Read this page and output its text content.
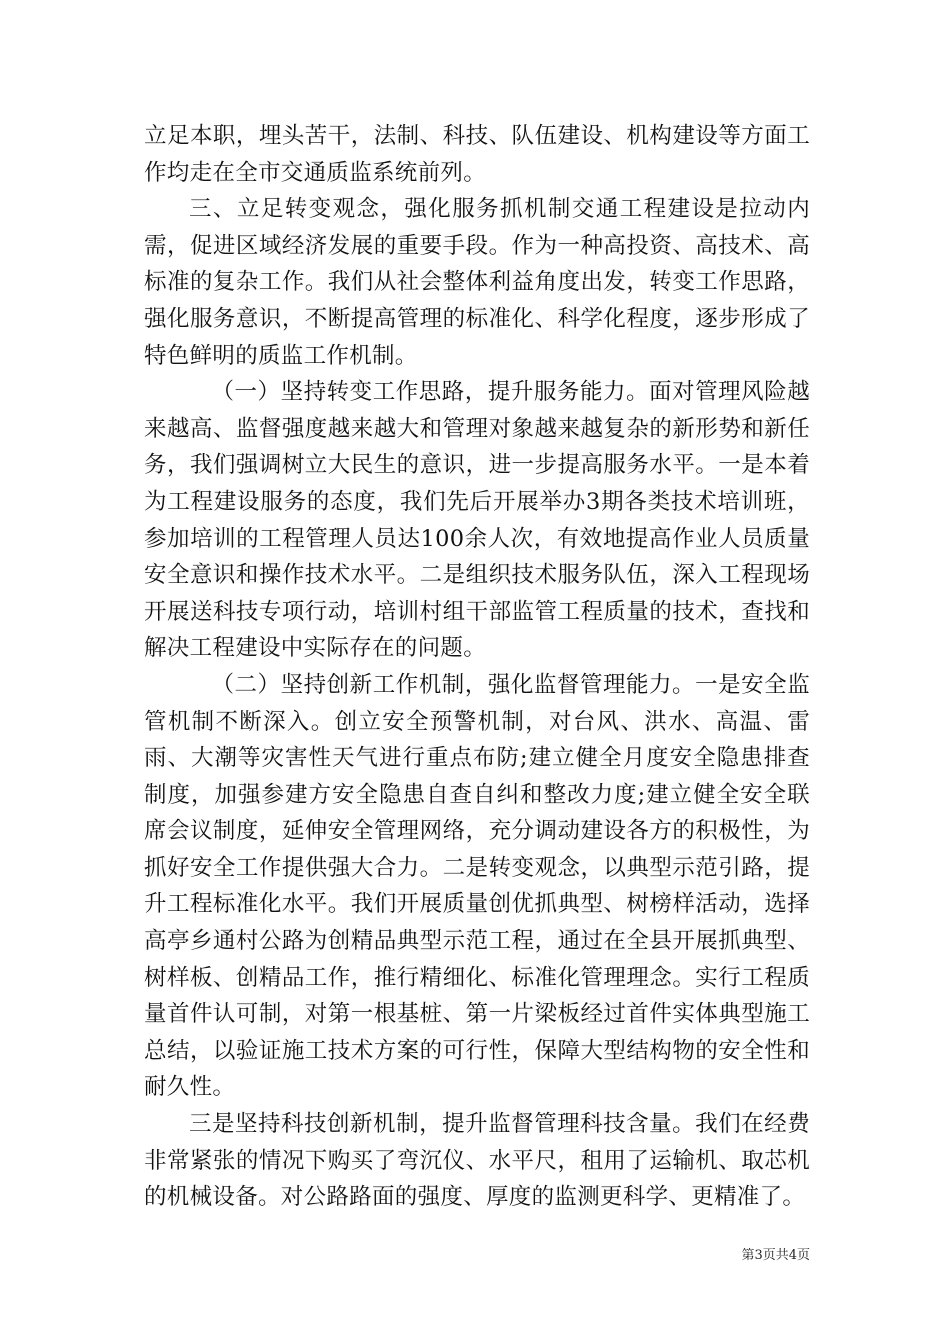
立足本职，埋头苦干，法制、科技、队伍建设、机构建设等方面工作均走在全市交通质监系统前列。

三、立足转变观念，强化服务抓机制交通工程建设是拉动内需，促进区域经济发展的重要手段。作为一种高投资、高技术、高标准的复杂工作。我们从社会整体利益角度出发，转变工作思路，强化服务意识，不断提高管理的标准化、科学化程度，逐步形成了特色鲜明的质监工作机制。

（一）坚持转变工作思路，提升服务能力。面对管理风险越来越高、监督强度越来越大和管理对象越来越复杂的新形势和新任务，我们强调树立大民生的意识，进一步提高服务水平。一是本着为工程建设服务的态度，我们先后开展举办3期各类技术培训班，参加培训的工程管理人员达100余人次，有效地提高作业人员质量安全意识和操作技术水平。二是组织技术服务队伍，深入工程现场开展送科技专项行动，培训村组干部监管工程质量的技术，查找和解决工程建设中实际存在的问题。

（二）坚持创新工作机制，强化监督管理能力。一是安全监管机制不断深入。创立安全预警机制，对台风、洪水、高温、雷雨、大潮等灾害性天气进行重点布防;建立健全月度安全隐患排查制度，加强参建方安全隐患自查自纠和整改力度;建立健全安全联席会议制度，延伸安全管理网络，充分调动建设各方的积极性，为抓好安全工作提供强大合力。二是转变观念，以典型示范引路，提升工程标准化水平。我们开展质量创优抓典型、树榜样活动，选择高亭乡通村公路为创精品典型示范工程，通过在全县开展抓典型、树样板、创精品工作，推行精细化、标准化管理理念。实行工程质量首件认可制，对第一根基桩、第一片梁板经过首件实体典型施工总结，以验证施工技术方案的可行性，保障大型结构物的安全性和耐久性。

三是坚持科技创新机制，提升监督管理科技含量。我们在经费非常紧张的情况下购买了弯沉仪、水平尺，租用了运输机、取芯机的机械设备。对公路路面的强度、厚度的监测更科学、更精准了。

第3页共4页
